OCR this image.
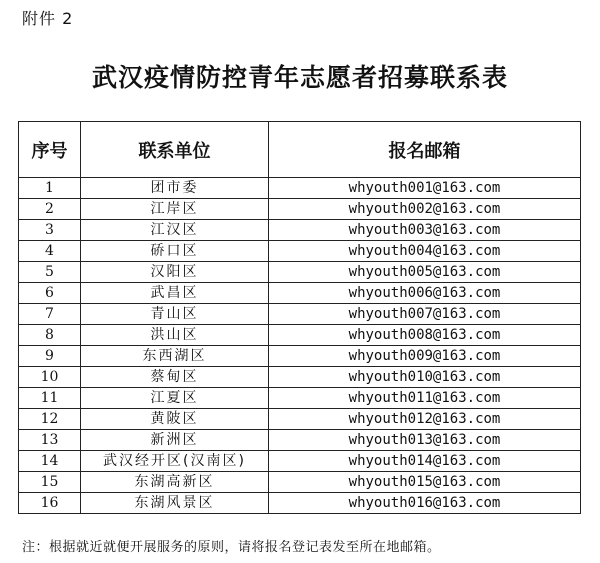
附件 2
武汉疫情防控青年志愿者招募联系表
序号	联系单位	报名邮箱
1	团市委	whyouth001@163.com
2	江岸区	whyouth002@163.com
3	江汉区	whyouth003@163.com
4	硚口区	whyouth004@163.com
5	汉阳区	whyouth005@163.com
6	武昌区	whyouth006@163.com
7	青山区	whyouth007@163.com
8	洪山区	whyouth008@163.com
9	东西湖区	whyouth009@163.com
10	蔡甸区	whyouth010@163.com
11	江夏区	whyouth011@163.com
12	黄陂区	whyouth012@163.com
13	新洲区	whyouth013@163.com
14	武汉经开区(汉南区)	whyouth014@163.com
15	东湖高新区	whyouth015@163.com
16	东湖风景区	whyouth016@163.com
注：根据就近就便开展服务的原则，请将报名登记表发至所在地邮箱。
